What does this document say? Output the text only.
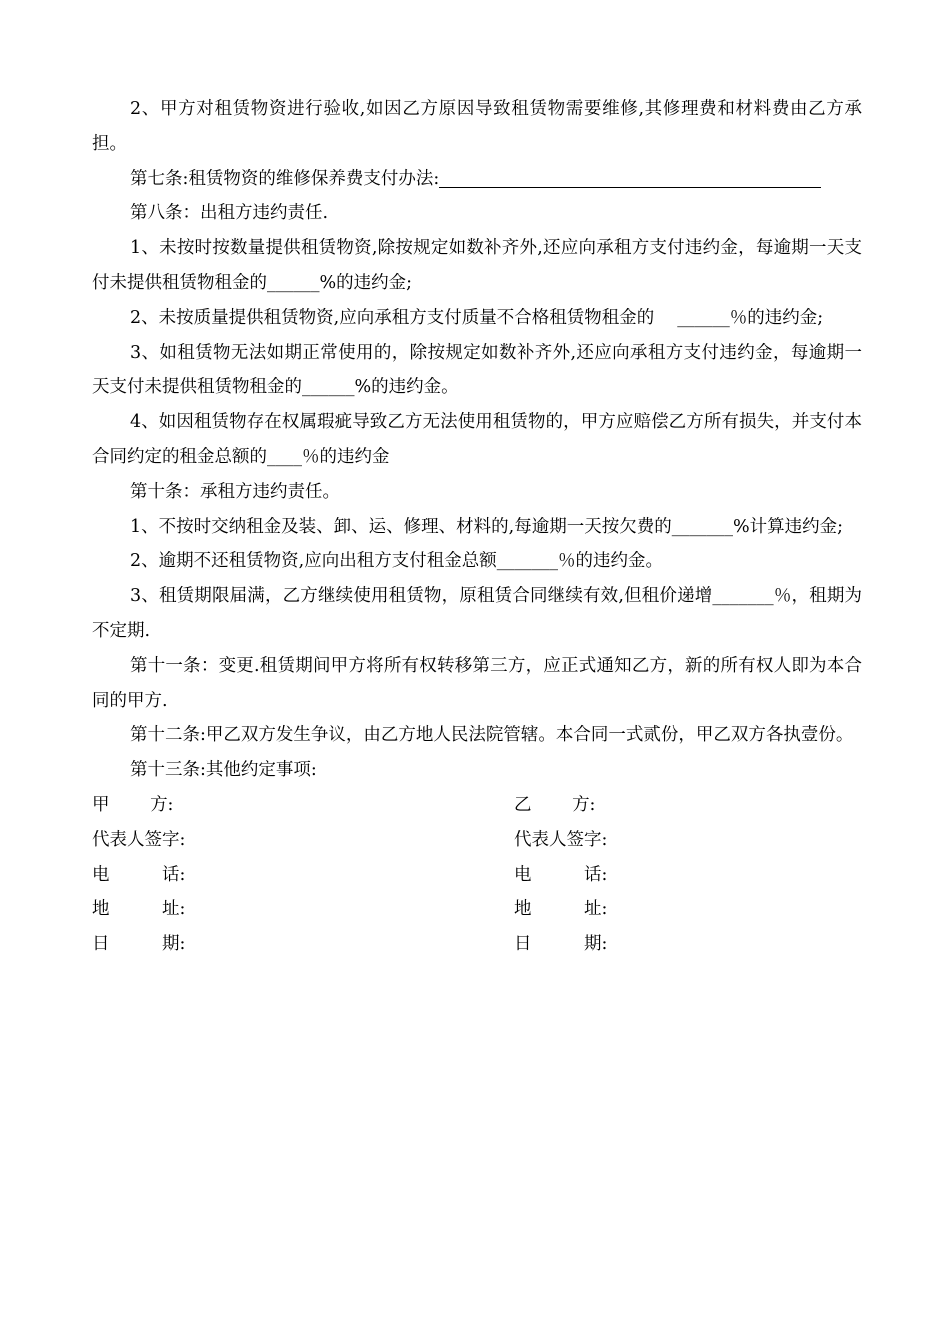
2、甲方对租赁物资进行验收,如因乙方原因导致租赁物需要维修,其修理费和材料费由乙方承担。

第七条:租赁物资的维修保养费支付办法:

第八条：出租方违约责任.

1、未按时按数量提供租赁物资,除按规定如数补齐外,还应向承租方支付违约金，每逾期一天支付未提供租赁物租金的______%的违约金;

2、未按质量提供租赁物资,应向承租方支付质量不合格租赁物租金的　 ______％的违约金;

3、如租赁物无法如期正常使用的，除按规定如数补齐外,还应向承租方支付违约金，每逾期一天支付未提供租赁物租金的______%的违约金。

4、如因租赁物存在权属瑕疵导致乙方无法使用租赁物的，甲方应赔偿乙方所有损失，并支付本合同约定的租金总额的____％的违约金

第十条：承租方违约责任。

1、不按时交纳租金及装、卸、运、修理、材料的,每逾期一天按欠费的_______%计算违约金;

2、逾期不还租赁物资,应向出租方支付租金总额_______％的违约金。

3、租赁期限届满，乙方继续使用租赁物，原租赁合同继续有效,但租价递增_______％，租期为不定期.

第十一条：变更.租赁期间甲方将所有权转移第三方，应正式通知乙方，新的所有权人即为本合同的甲方.

第十二条:甲乙双方发生争议，由乙方地人民法院管辖。本合同一式贰份，甲乙双方各执壹份。

第十三条:其他约定事项:

甲　　 方:	乙　　 方:
代表人签字:	代表人签字:
电　　　话:	电　　　话:
地　　　址:	地　　　址:
日　　　期:	日　　　期:
